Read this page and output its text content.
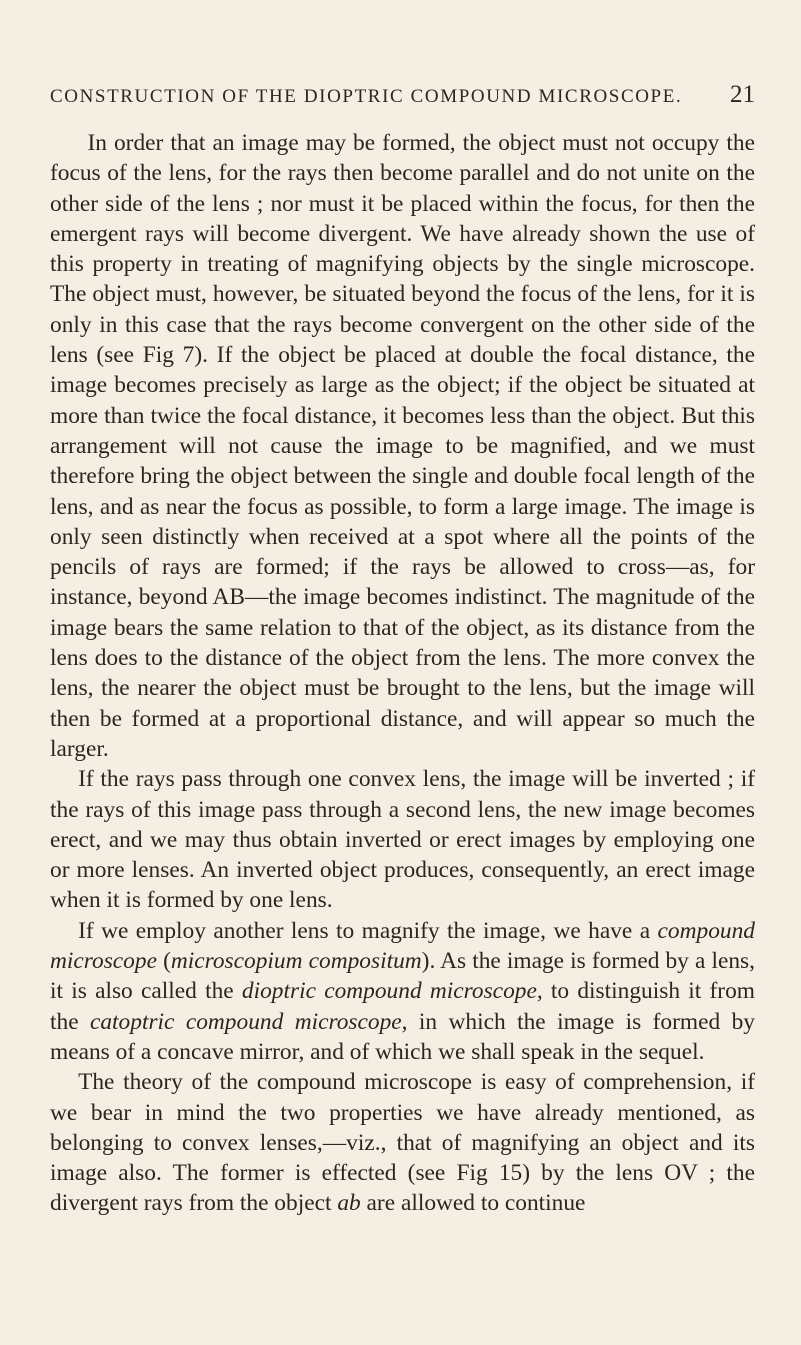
CONSTRUCTION OF THE DIOPTRIC COMPOUND MICROSCOPE. 21

In order that an image may be formed, the object must not occupy the focus of the lens, for the rays then become parallel and do not unite on the other side of the lens ; nor must it be placed within the focus, for then the emergent rays will become divergent. We have already shown the use of this property in treating of magnifying objects by the single microscope. The object must, however, be situated beyond the focus of the lens, for it is only in this case that the rays become convergent on the other side of the lens (see Fig 7). If the object be placed at double the focal distance, the image becomes precisely as large as the object; if the object be situated at more than twice the focal distance, it becomes less than the object. But this arrangement will not cause the image to be magnified, and we must therefore bring the object between the single and double focal length of the lens, and as near the focus as possible, to form a large image. The image is only seen distinctly when received at a spot where all the points of the pencils of rays are formed; if the rays be allowed to cross—as, for instance, beyond AB—the image becomes indistinct. The magnitude of the image bears the same relation to that of the object, as its distance from the lens does to the distance of the object from the lens. The more convex the lens, the nearer the object must be brought to the lens, but the image will then be formed at a proportional distance, and will appear so much the larger.

If the rays pass through one convex lens, the image will be inverted ; if the rays of this image pass through a second lens, the new image becomes erect, and we may thus obtain inverted or erect images by employing one or more lenses. An inverted object produces, consequently, an erect image when it is formed by one lens.

If we employ another lens to magnify the image, we have a compound microscope (microscopium compositum). As the image is formed by a lens, it is also called the dioptric compound microscope, to distinguish it from the catoptric compound microscope, in which the image is formed by means of a concave mirror, and of which we shall speak in the sequel.

The theory of the compound microscope is easy of comprehension, if we bear in mind the two properties we have already mentioned, as belonging to convex lenses,—viz., that of magnifying an object and its image also. The former is effected (see Fig 15) by the lens OV ; the divergent rays from the object ab are allowed to continue
